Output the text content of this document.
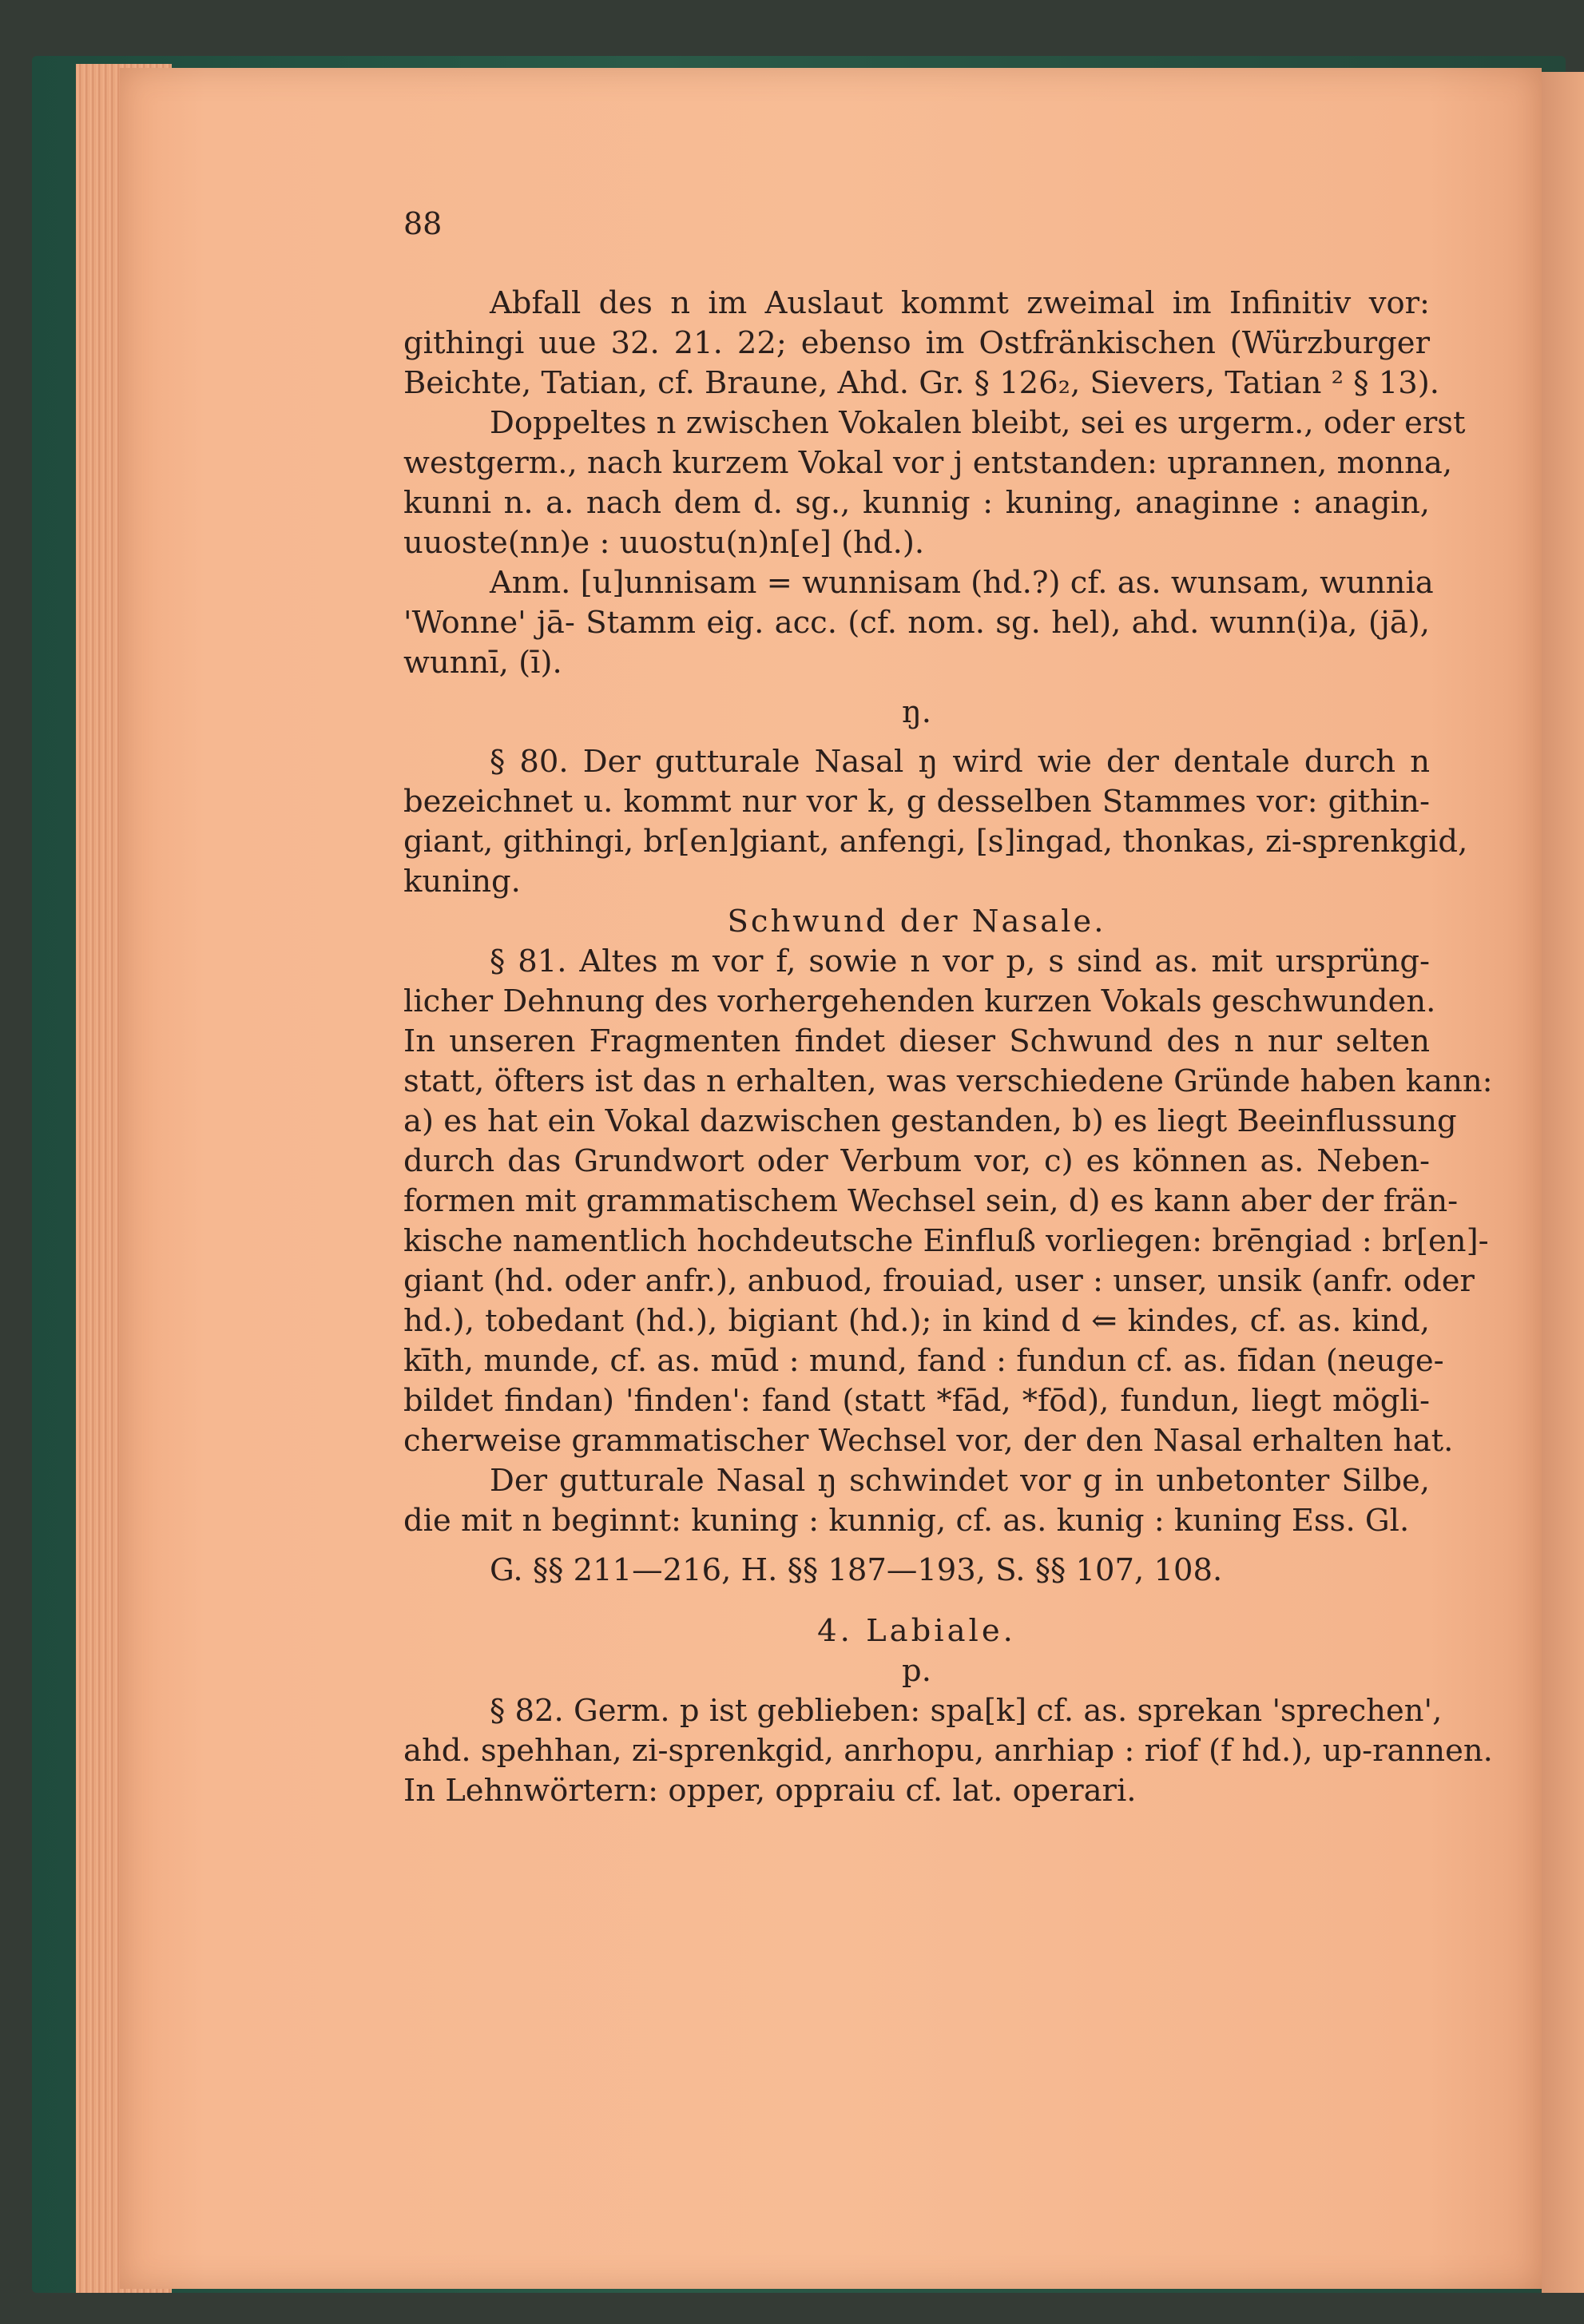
88
Abfall des n im Auslaut kommt zweimal im Infinitiv vor:
githingi uue 32. 21. 22; ebenso im Ostfränkischen (Würzburger
Beichte, Tatian, cf. Braune, Ahd. Gr. § 126₂, Sievers, Tatian ² § 13).
Doppeltes n zwischen Vokalen bleibt, sei es urgerm., oder erst
westgerm., nach kurzem Vokal vor j entstanden: uprannen, monna,
kunni n. a. nach dem d. sg., kunnig : kuning, anaginne : anagin,
uuoste(nn)e : uuostu(n)n[e] (hd.).
Anm. [u]unnisam = wunnisam (hd.?) cf. as. wunsam, wunnia
'Wonne' jā- Stamm eig. acc. (cf. nom. sg. hel), ahd. wunn(i)a, (jā),
wunnī, (ī).
ŋ.
§ 80. Der gutturale Nasal ŋ wird wie der dentale durch n
bezeichnet u. kommt nur vor k, g desselben Stammes vor: githin-
giant, githingi, br[en]giant, anfengi, [s]ingad, thonkas, zi-sprenkgid,
kuning.
Schwund der Nasale.
§ 81. Altes m vor f, sowie n vor p, s sind as. mit ursprüng-
licher Dehnung des vorhergehenden kurzen Vokals geschwunden.
In unseren Fragmenten findet dieser Schwund des n nur selten
statt, öfters ist das n erhalten, was verschiedene Gründe haben kann:
a) es hat ein Vokal dazwischen gestanden, b) es liegt Beeinflussung
durch das Grundwort oder Verbum vor, c) es können as. Neben-
formen mit grammatischem Wechsel sein, d) es kann aber der frän-
kische namentlich hochdeutsche Einfluß vorliegen: brēngiad : br[en]-
giant (hd. oder anfr.), anbuod, frouiad, user : unser, unsik (anfr. oder
hd.), tobedant (hd.), bigiant (hd.); in kind d ⇐ kindes, cf. as. kind,
kīth, munde, cf. as. mūd : mund, fand : fundun cf. as. fīdan (neuge-
bildet findan) 'finden': fand (statt *fād, *fōd), fundun, liegt mögli-
cherweise grammatischer Wechsel vor, der den Nasal erhalten hat.
Der gutturale Nasal ŋ schwindet vor g in unbetonter Silbe,
die mit n beginnt: kuning : kunnig, cf. as. kunig : kuning Ess. Gl.
G. §§ 211—216, H. §§ 187—193, S. §§ 107, 108.
4. Labiale.
p.
§ 82. Germ. p ist geblieben: spa[k] cf. as. sprekan 'sprechen',
ahd. spehhan, zi-sprenkgid, anrhopu, anrhiap : riof (f hd.), up-rannen.
In Lehnwörtern: opper, oppraiu cf. lat. operari.
